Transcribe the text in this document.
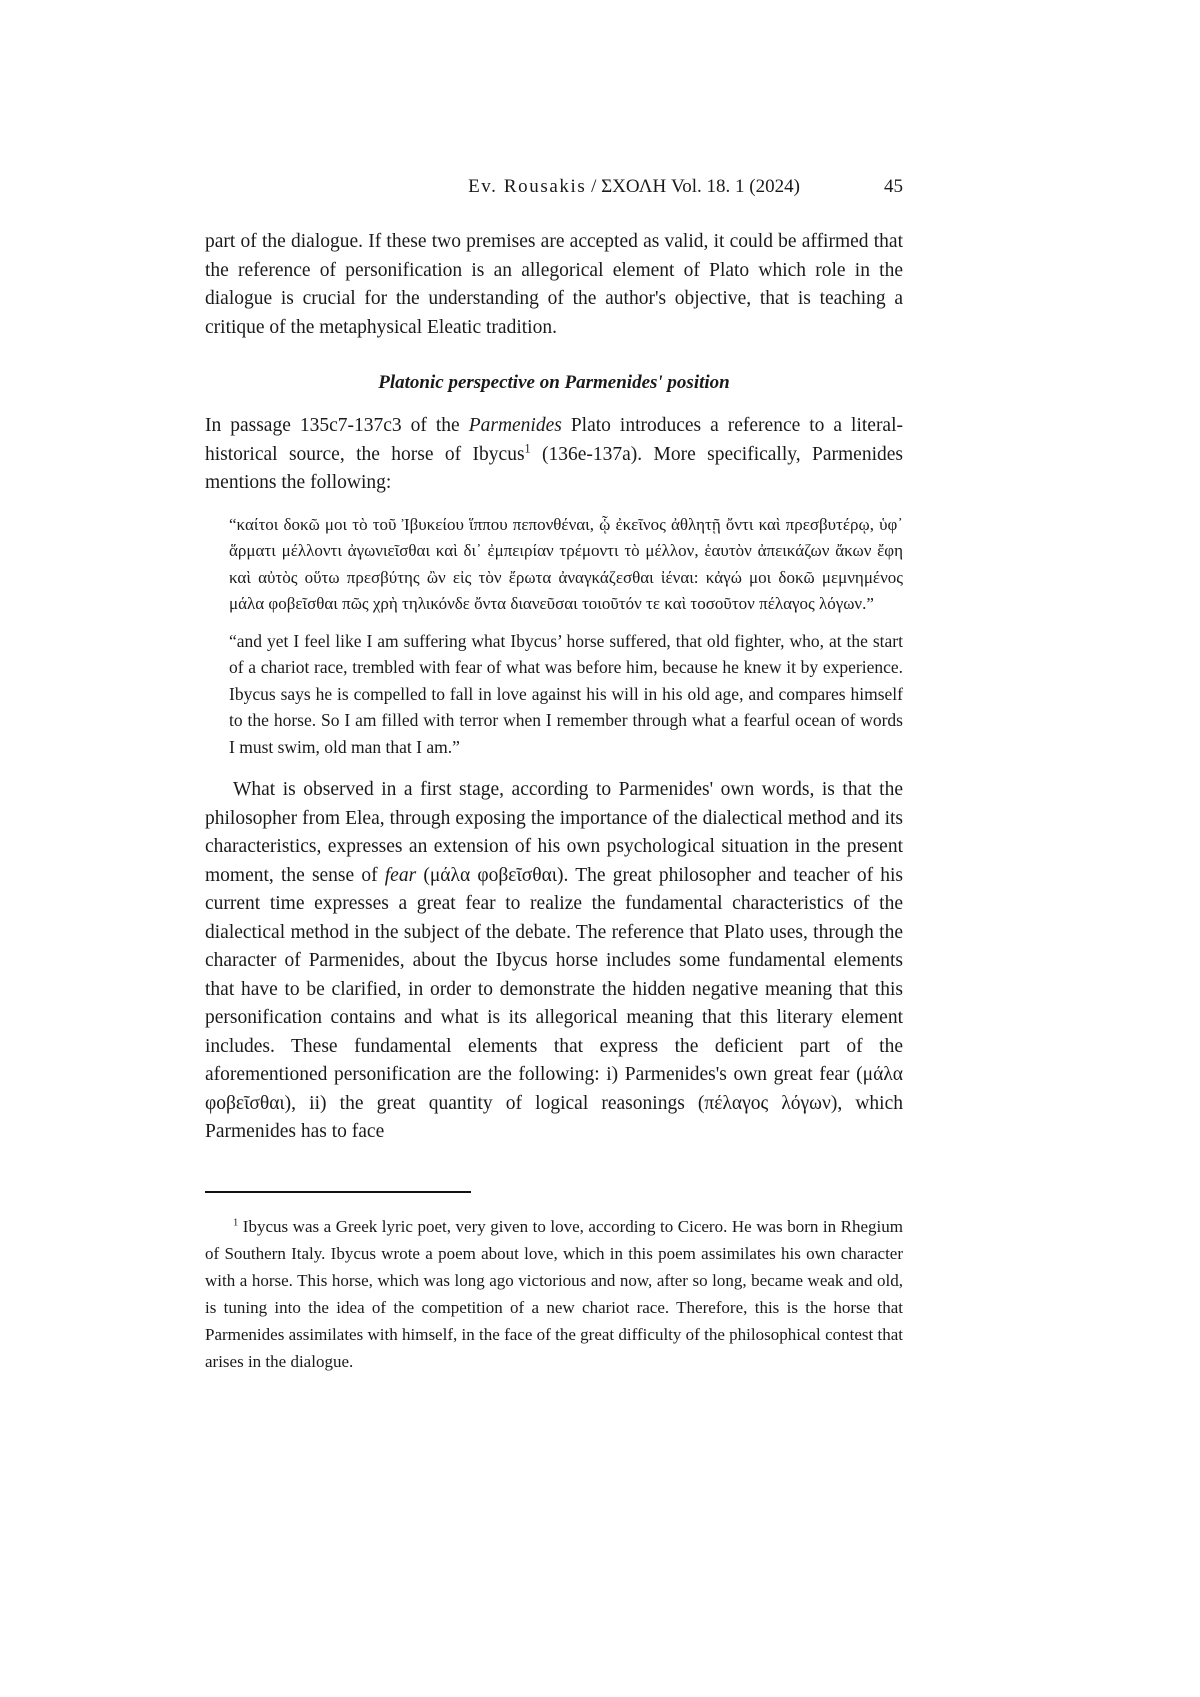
Ev. Rousakis / ΣΧΟΛΗ Vol. 18. 1 (2024)	45

part of the dialogue. If these two premises are accepted as valid, it could be affirmed that the reference of personification is an allegorical element of Plato which role in the dialogue is crucial for the understanding of the author's objective, that is teaching a critique of the metaphysical Eleatic tradition.

Platonic perspective on Parmenides' position

In passage 135c7-137c3 of the Parmenides Plato introduces a reference to a literal-historical source, the horse of Ibycus$^1$ (136e-137a). More specifically, Parmenides mentions the following:

“καίτοι δοκῶ μοι τὸ τοῦ Ἰβυκείου ἵππου πεπονθέναι, ᾧ ἐκεῖνος ἀθλητῇ ὄντι καὶ πρεσβυτέρῳ, ὑφ᾽ ἅρματι μέλλοντι ἀγωνιεῖσθαι καὶ δι᾽ ἐμπειρίαν τρέμοντι τὸ μέλλον, ἑαυτὸν ἀπεικάζων ἄκων ἔφη καὶ αὐτὸς οὕτω πρεσβύτης ὢν εἰς τὸν ἔρωτα ἀναγκάζεσθαι ἰέναι: κἀγώ μοι δοκῶ μεμνημένος μάλα φοβεῖσθαι πῶς χρὴ τηλικόνδε ὄντα διανεῦσαι τοιοῦτόν τε καὶ τοσοῦτον πέλαγος λόγων.”
“and yet I feel like I am suffering what Ibycus’ horse suffered, that old fighter, who, at the start of a chariot race, trembled with fear of what was before him, because he knew it by experience. Ibycus says he is compelled to fall in love against his will in his old age, and compares himself to the horse. So I am filled with terror when I remember through what a fearful ocean of words I must swim, old man that I am.”

What is observed in a first stage, according to Parmenides' own words, is that the philosopher from Elea, through exposing the importance of the dialectical method and its characteristics, expresses an extension of his own psychological situation in the present moment, the sense of fear (μάλα φοβεῖσθαι). The great philosopher and teacher of his current time expresses a great fear to realize the fundamental characteristics of the dialectical method in the subject of the debate. The reference that Plato uses, through the character of Parmenides, about the Ibycus horse includes some fundamental elements that have to be clarified, in order to demonstrate the hidden negative meaning that this personification contains and what is its allegorical meaning that this literary element includes. These fundamental elements that express the deficient part of the aforementioned personification are the following: i) Parmenides's own great fear (μάλα φοβεῖσθαι), ii) the great quantity of logical reasonings (πέλαγος λόγων), which Parmenides has to face

$^1$ Ibycus was a Greek lyric poet, very given to love, according to Cicero. He was born in Rhegium of Southern Italy. Ibycus wrote a poem about love, which in this poem assimilates his own character with a horse. This horse, which was long ago victorious and now, after so long, became weak and old, is tuning into the idea of the competition of a new chariot race. Therefore, this is the horse that Parmenides assimilates with himself, in the face of the great difficulty of the philosophical contest that arises in the dialogue.
